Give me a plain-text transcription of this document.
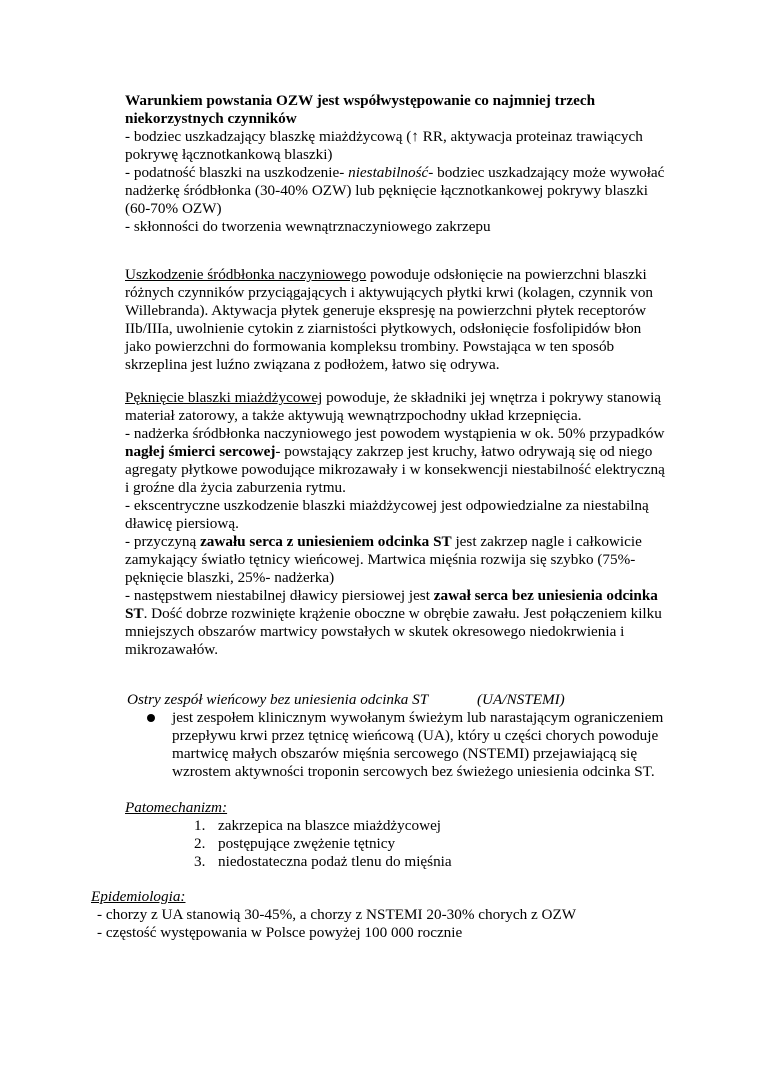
Warunkiem powstania OZW jest współwystępowanie co najmniej trzech
niekorzystnych czynników
- bodziec uszkadzający blaszkę miażdżycową (↑ RR, aktywacja proteinaz trawiących
pokrywę łącznotkankową blaszki)
- podatność blaszki na uszkodzenie- niestabilność- bodziec uszkadzający może wywołać
nadżerkę śródbłonka (30-40% OZW) lub pęknięcie łącznotkankowej pokrywy blaszki
(60-70% OZW)
- skłonności do tworzenia wewnątrznaczyniowego zakrzepu
Uszkodzenie śródbłonka naczyniowego powoduje odsłonięcie na powierzchni blaszki
różnych czynników przyciągających i aktywujących płytki krwi (kolagen, czynnik von
Willebranda). Aktywacja płytek generuje ekspresję na powierzchni płytek receptorów
IIb/IIIa, uwolnienie cytokin z ziarnistości płytkowych, odsłonięcie fosfolipidów błon
jako powierzchni do formowania kompleksu trombiny. Powstająca w ten sposób
skrzeplina jest luźno związana z podłożem, łatwo się odrywa.
Pęknięcie blaszki miażdżycowej powoduje, że składniki jej wnętrza i pokrywy stanowią
materiał zatorowy, a także aktywują wewnątrzpochodny układ krzepnięcia.
- nadżerka śródbłonka naczyniowego jest powodem wystąpienia w ok. 50% przypadków
nagłej śmierci sercowej- powstający zakrzep jest kruchy, łatwo odrywają się od niego
agregaty płytkowe powodujące mikrozawały i w konsekwencji niestabilność elektryczną
i groźne dla życia zaburzenia rytmu.
- ekscentryczne uszkodzenie blaszki miażdżycowej jest odpowiedzialne za niestabilną
dławicę piersiową.
- przyczyną zawału serca z uniesieniem odcinka ST jest zakrzep nagle i całkowicie
zamykający światło tętnicy wieńcowej. Martwica mięśnia rozwija się szybko (75%-
pęknięcie blaszki, 25%- nadżerka)
- następstwem niestabilnej dławicy piersiowej jest zawał serca bez uniesienia odcinka
ST. Dość dobrze rozwinięte krążenie oboczne w obrębie zawału. Jest połączeniem kilku
mniejszych obszarów martwicy powstałych w skutek okresowego niedokrwienia i
mikrozawałów.
Ostry zespół wieńcowy bez uniesienia odcinka ST	(UA/NSTEMI)
jest zespołem klinicznym wywołanym świeżym lub narastającym ograniczeniem
przepływu krwi przez tętnicę wieńcową (UA), który u części chorych powoduje
martwicę małych obszarów mięśnia sercowego (NSTEMI) przejawiającą się
wzrostem aktywności troponin sercowych bez świeżego uniesienia odcinka ST.
Patomechanizm:
1. zakrzepica na blaszce miażdżycowej
2. postępujące zwężenie tętnicy
3. niedostateczna podaż tlenu do mięśnia
Epidemiologia:
- chorzy z UA stanowią 30-45%, a chorzy z NSTEMI 20-30% chorych z OZW
- częstość występowania w Polsce powyżej 100 000 rocznie
